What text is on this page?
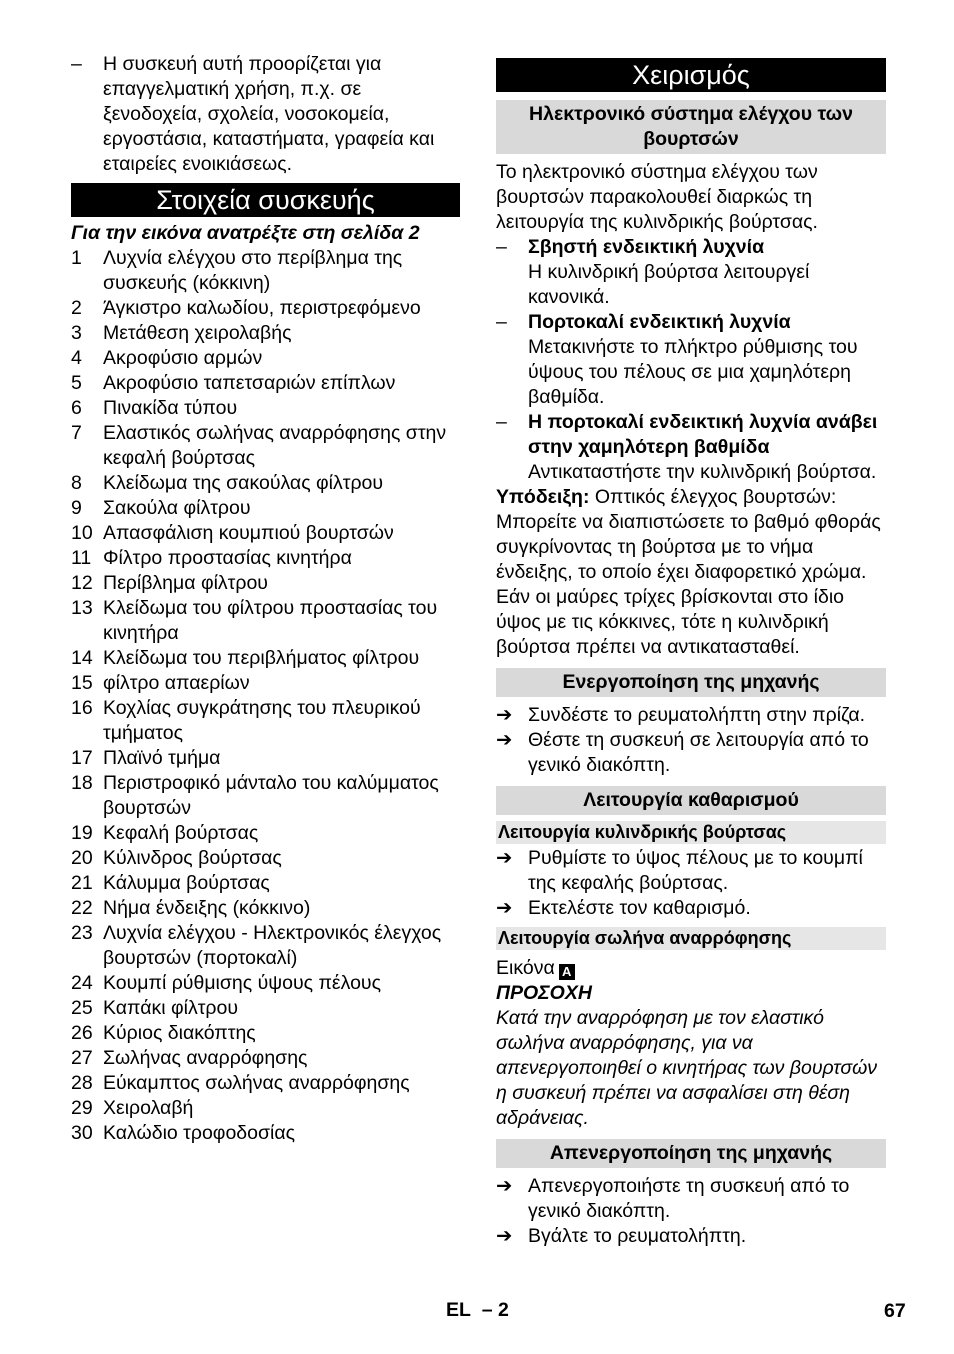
–	Η συσκευή αυτή προορίζεται για επαγγελματική χρήση, π.χ. σε ξενοδοχεία, σχολεία, νοσοκομεία, εργοστάσια, καταστήματα, γραφεία και εταιρείες ενοικιάσεως.
Στοιχεία συσκευής

Για την εικόνα ανατρέξτε στη σελίδα 2

1	Λυχνία ελέγχου στο περίβλημα της συσκευής (κόκκινη)
2	Άγκιστρο καλωδίου, περιστρεφόμενο
3	Μετάθεση χειρολαβής
4	Ακροφύσιο αρμών
5	Ακροφύσιο ταπετσαριών επίπλων
6	Πινακίδα τύπου
7	Ελαστικός σωλήνας αναρρόφησης στην κεφαλή βούρτσας
8	Κλείδωμα της σακούλας φίλτρου
9	Σακούλα φίλτρου
10 Απασφάλιση κουμπιού βουρτσών
11 Φίλτρο προστασίας κινητήρα
12 Περίβλημα φίλτρου
13 Κλείδωμα του φίλτρου προστασίας του κινητήρα
14 Κλείδωμα του περιβλήματος φίλτρου
15 φίλτρο απαερίων
16 Κοχλίας συγκράτησης του πλευρικού τμήματος
17 Πλαϊνό τμήμα
18 Περιστροφικό μάνταλο του καλύμματος βουρτσών
19 Κεφαλή βούρτσας
20 Κύλινδρος βούρτσας
21 Κάλυμμα βούρτσας
22 Νήμα ένδειξης (κόκκινο)
23 Λυχνία ελέγχου - Ηλεκτρονικός έλεγχος βουρτσών (πορτοκαλί)
24 Κουμπί ρύθμισης ύψους πέλους
25 Καπάκι φίλτρου
26 Κύριος διακόπτης
27 Σωλήνας αναρρόφησης
28 Εύκαμπτος σωλήνας αναρρόφησης
29 Χειρολαβή
30 Καλώδιο τροφοδοσίας
Χειρισμός
Ηλεκτρονικό σύστημα ελέγχου των βουρτσών

Το ηλεκτρονικό σύστημα ελέγχου των βουρτσών παρακολουθεί διαρκώς τη λειτουργία της κυλινδρικής βούρτσας.

–	Σβηστή ενδεικτική λυχνία
Η κυλινδρική βούρτσα λειτουργεί κανονικά.
–	Πορτοκαλί ενδεικτική λυχνία
Μετακινήστε το πλήκτρο ρύθμισης του ύψους του πέλους σε μια χαμηλότερη βαθμίδα.
–	Η πορτοκαλί ενδεικτική λυχνία ανάβει στην χαμηλότερη βαθμίδα
Αντικαταστήστε την κυλινδρική βούρτσα.

Υπόδειξη: Οπτικός έλεγχος βουρτσών: Μπορείτε να διαπιστώσετε το βαθμό φθοράς συγκρίνοντας τη βούρτσα με το νήμα ένδειξης, το οποίο έχει διαφορετικό χρώμα. Εάν οι μαύρες τρίχες βρίσκονται στο ίδιο ύψος με τις κόκκινες, τότε η κυλινδρική βούρτσα πρέπει να αντικατασταθεί.

Ενεργοποίηση της μηχανής
➔ Συνδέστε το ρευματολήπτη στην πρίζα.
➔ Θέστε τη συσκευή σε λειτουργία από το γενικό διακόπτη.
Λειτουργία καθαρισμού
Λειτουργία κυλινδρικής βούρτσας
➔ Ρυθμίστε το ύψος πέλους με το κουμπί της κεφαλής βούρτσας.
➔ Εκτελέστε τον καθαρισμό.
Λειτουργία σωλήνα αναρρόφησης

Εικόνα A

ΠΡΟΣΟΧΗ

Κατά την αναρρόφηση με τον ελαστικό σωλήνα αναρρόφησης, για να απενεργοποιηθεί ο κινητήρας των βουρτσών η συσκευή πρέπει να ασφαλίσει στη θέση αδράνειας.

Απενεργοποίηση της μηχανής
➔ Απενεργοποιήστε τη συσκευή από το γενικό διακόπτη.
➔ Βγάλτε το ρευματολήπτη.
EL – 2	67
